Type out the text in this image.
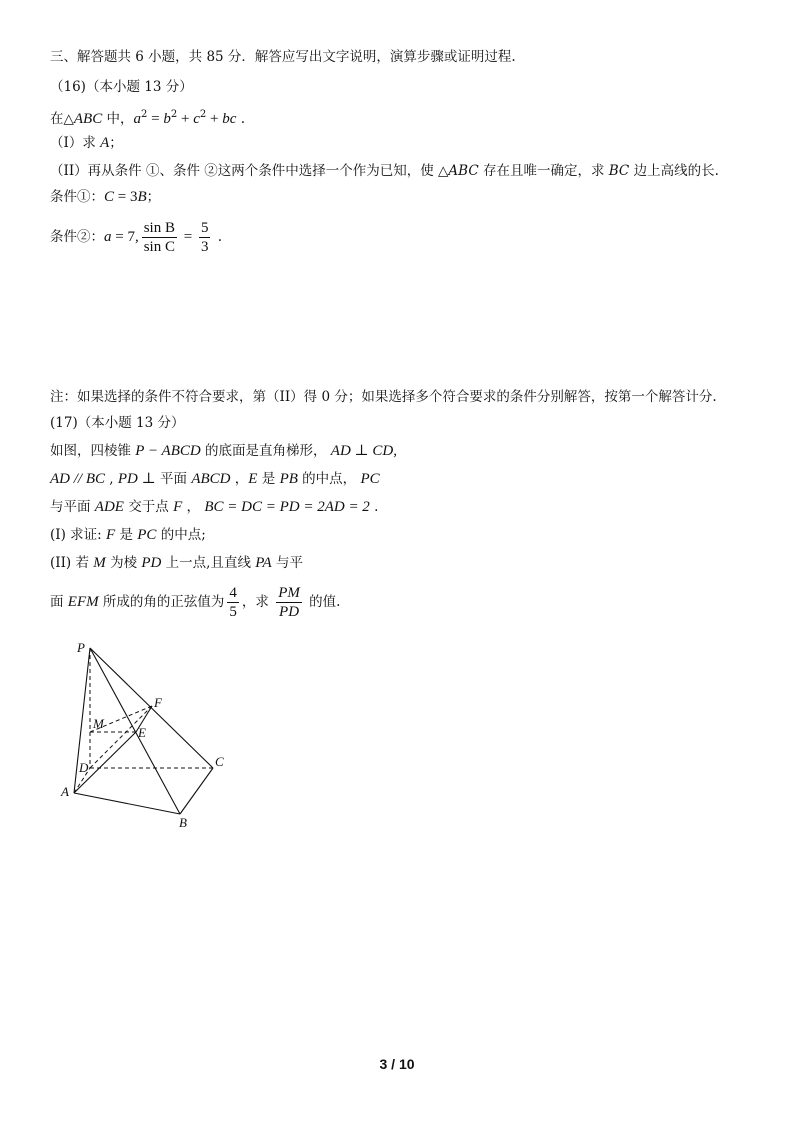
三、解答题共 6 小题，共 85 分．解答应写出文字说明，演算步骤或证明过程.
（16)（本小题 13 分）
在△ABC 中，$a^2 = b^2 + c^2$ + bc .
（I）求 A；
（II）再从条件 ①、条件 ②这两个条件中选择一个作为已知，使 △ABC 存在且唯一确定，求 BC 边上高线的长.
条件①：C = 3B；
条件②：a = 7, $\frac{\text{sin B}}{\text{sin C}} = \frac{5}{3}$ .
注：如果选择的条件不符合要求，第（II）得 0 分；如果选择多个符合要求的条件分别解答，按第一个解答计分.
(17)（本小题 13 分）
如图，四棱锥 P − ABCD 的底面是直角梯形， AD ⊥ CD,
AD // BC , PD ⊥ 平面 ABCD ，E 是 PB 的中点， PC
与平面 ADE 交于点 F ， BC = DC = PD = 2AD = 2 .
(I) 求证: F 是 PC 的中点;
(II) 若 M 为棱 PD 上一点,且直线 PA 与平
面 EFM 所成的角的正弦值为 $\frac{4}{5}$ ，求 $\frac{PM}{PD}$ 的值.
P
F
M
E
D	C
A
B
3 / 10
